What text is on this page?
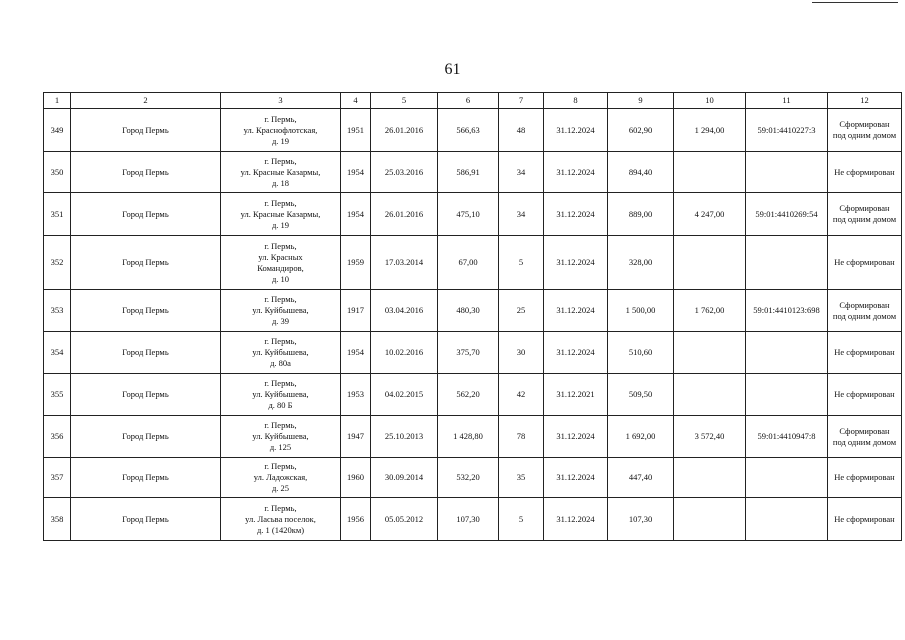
61
1	2	3	4	5	6	7	8	9	10	11	12
349	Город Пермь	г. Пермь,
ул. Краснофлотская,
д. 19	1951	26.01.2016	566,63	48	31.12.2024	602,90	1 294,00	59:01:4410227:3	Сформирован
под одним домом

350	Город Пермь	г. Пермь,
ул. Красные Казармы,
д. 18	1954	25.03.2016	586,91	34	31.12.2024	894,40			Не сформирован

351	Город Пермь	г. Пермь,
ул. Красные Казармы,
д. 19	1954	26.01.2016	475,10	34	31.12.2024	889,00	4 247,00	59:01:4410269:54	Сформирован
под одним домом

352	Город Пермь	г. Пермь,
ул. Красных
Командиров,
д. 10	1959	17.03.2014	67,00	5	31.12.2024	328,00			Не сформирован

353	Город Пермь	г. Пермь,
ул. Куйбышева,
д. 39	1917	03.04.2016	480,30	25	31.12.2024	1 500,00	1 762,00	59:01:4410123:698	Сформирован
под одним домом

354	Город Пермь	г. Пермь,
ул. Куйбышева,
д. 80а	1954	10.02.2016	375,70	30	31.12.2024	510,60			Не сформирован

355	Город Пермь	г. Пермь,
ул. Куйбышева,
д. 80 Б	1953	04.02.2015	562,20	42	31.12.2021	509,50			Не сформирован

356	Город Пермь	г. Пермь,
ул. Куйбышева,
д. 125	1947	25.10.2013	1 428,80	78	31.12.2024	1 692,00	3 572,40	59:01:4410947:8	Сформирован
под одним домом

357	Город Пермь	г. Пермь,
ул. Ладожская,
д. 25	1960	30.09.2014	532,20	35	31.12.2024	447,40			Не сформирован

358	Город Пермь	г. Пермь,
ул. Ласьва поселок,
д. 1 (1420км)	1956	05.05.2012	107,30	5	31.12.2024	107,30			Не сформирован
